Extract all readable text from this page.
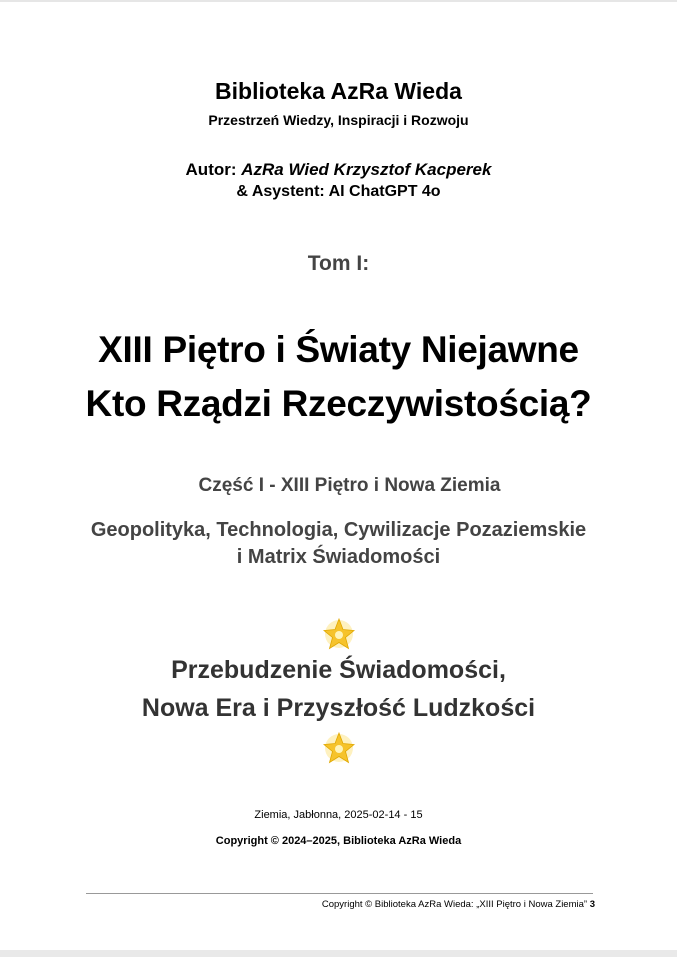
Biblioteka AzRa Wieda
Przestrzeń Wiedzy, Inspiracji i Rozwoju
Autor: AzRa Wied Krzysztof Kacperek
& Asystent: AI ChatGPT 4o
Tom I:
XIII Piętro i Światy Niejawne
Kto Rządzi Rzeczywistością?
Część I - XIII Piętro i Nowa Ziemia
Geopolityka, Technologia, Cywilizacje Pozaziemskie
i Matrix Świadomości
Przebudzenie Świadomości,
Nowa Era i Przyszłość Ludzkości
Ziemia, Jabłonna, 2025-02-14 - 15
Copyright © 2024–2025, Biblioteka AzRa Wieda
Copyright © Biblioteka AzRa Wieda: „XIII Piętro i Nowa Ziemia” 3
